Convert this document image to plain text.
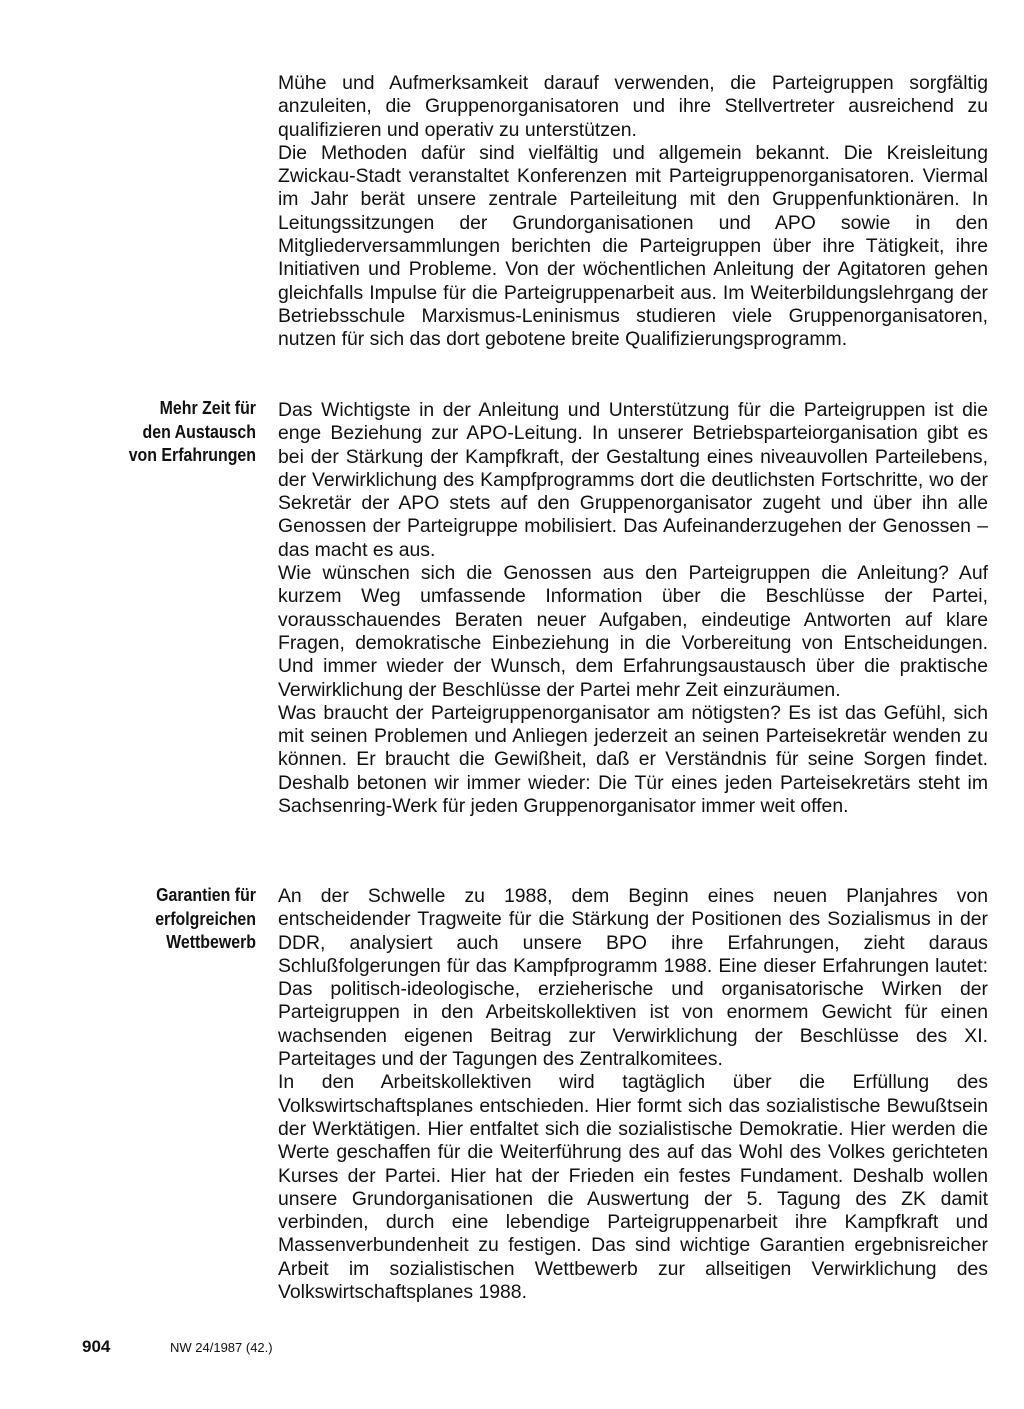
Mühe und Aufmerksamkeit darauf verwenden, die Parteigruppen sorgfältig anzuleiten, die Gruppenorganisatoren und ihre Stellvertreter ausreichend zu qualifizieren und operativ zu unterstützen.

Die Methoden dafür sind vielfältig und allgemein bekannt. Die Kreisleitung Zwickau-Stadt veranstaltet Konferenzen mit Parteigruppenorganisatoren. Viermal im Jahr berät unsere zentrale Parteileitung mit den Gruppenfunktionären. In Leitungssitzungen der Grundorganisationen und APO sowie in den Mitgliederversammlungen berichten die Parteigruppen über ihre Tätigkeit, ihre Initiativen und Probleme. Von der wöchentlichen Anleitung der Agitatoren gehen gleichfalls Impulse für die Parteigruppenarbeit aus. Im Weiterbildungslehrgang der Betriebsschule Marxismus-Leninismus studieren viele Gruppenorganisatoren, nutzen für sich das dort gebotene breite Qualifizierungsprogramm.

Mehr Zeit für
den Austausch
von Erfahrungen

Das Wichtigste in der Anleitung und Unterstützung für die Parteigruppen ist die enge Beziehung zur APO-Leitung. In unserer Betriebsparteiorganisation gibt es bei der Stärkung der Kampfkraft, der Gestaltung eines niveauvollen Parteilebens, der Verwirklichung des Kampfprogramms dort die deutlichsten Fortschritte, wo der Sekretär der APO stets auf den Gruppenorganisator zugeht und über ihn alle Genossen der Parteigruppe mobilisiert. Das Aufeinanderzugehen der Genossen – das macht es aus.

Wie wünschen sich die Genossen aus den Parteigruppen die Anleitung? Auf kurzem Weg umfassende Information über die Beschlüsse der Partei, vorausschauendes Beraten neuer Aufgaben, eindeutige Antworten auf klare Fragen, demokratische Einbeziehung in die Vorbereitung von Entscheidungen. Und immer wieder der Wunsch, dem Erfahrungsaustausch über die praktische Verwirklichung der Beschlüsse der Partei mehr Zeit einzuräumen.

Was braucht der Parteigruppenorganisator am nötigsten? Es ist das Gefühl, sich mit seinen Problemen und Anliegen jederzeit an seinen Parteisekretär wenden zu können. Er braucht die Gewißheit, daß er Verständnis für seine Sorgen findet. Deshalb betonen wir immer wieder: Die Tür eines jeden Parteisekretärs steht im Sachsenring-Werk für jeden Gruppenorganisator immer weit offen.

Garantien für
erfolgreichen
Wettbewerb

An der Schwelle zu 1988, dem Beginn eines neuen Planjahres von entscheidender Tragweite für die Stärkung der Positionen des Sozialismus in der DDR, analysiert auch unsere BPO ihre Erfahrungen, zieht daraus Schlußfolgerungen für das Kampfprogramm 1988. Eine dieser Erfahrungen lautet: Das politisch-ideologische, erzieherische und organisatorische Wirken der Parteigruppen in den Arbeitskollektiven ist von enormem Gewicht für einen wachsenden eigenen Beitrag zur Verwirklichung der Beschlüsse des XI. Parteitages und der Tagungen des Zentralkomitees.

In den Arbeitskollektiven wird tagtäglich über die Erfüllung des Volkswirtschaftsplanes entschieden. Hier formt sich das sozialistische Bewußtsein der Werktätigen. Hier entfaltet sich die sozialistische Demokratie. Hier werden die Werte geschaffen für die Weiterführung des auf das Wohl des Volkes gerichteten Kurses der Partei. Hier hat der Frieden ein festes Fundament. Deshalb wollen unsere Grundorganisationen die Auswertung der 5. Tagung des ZK damit verbinden, durch eine lebendige Parteigruppenarbeit ihre Kampfkraft und Massenverbundenheit zu festigen. Das sind wichtige Garantien ergebnisreicher Arbeit im sozialistischen Wettbewerb zur allseitigen Verwirklichung des Volkswirtschaftsplanes 1988.

904	NW 24/1987 (42.)
